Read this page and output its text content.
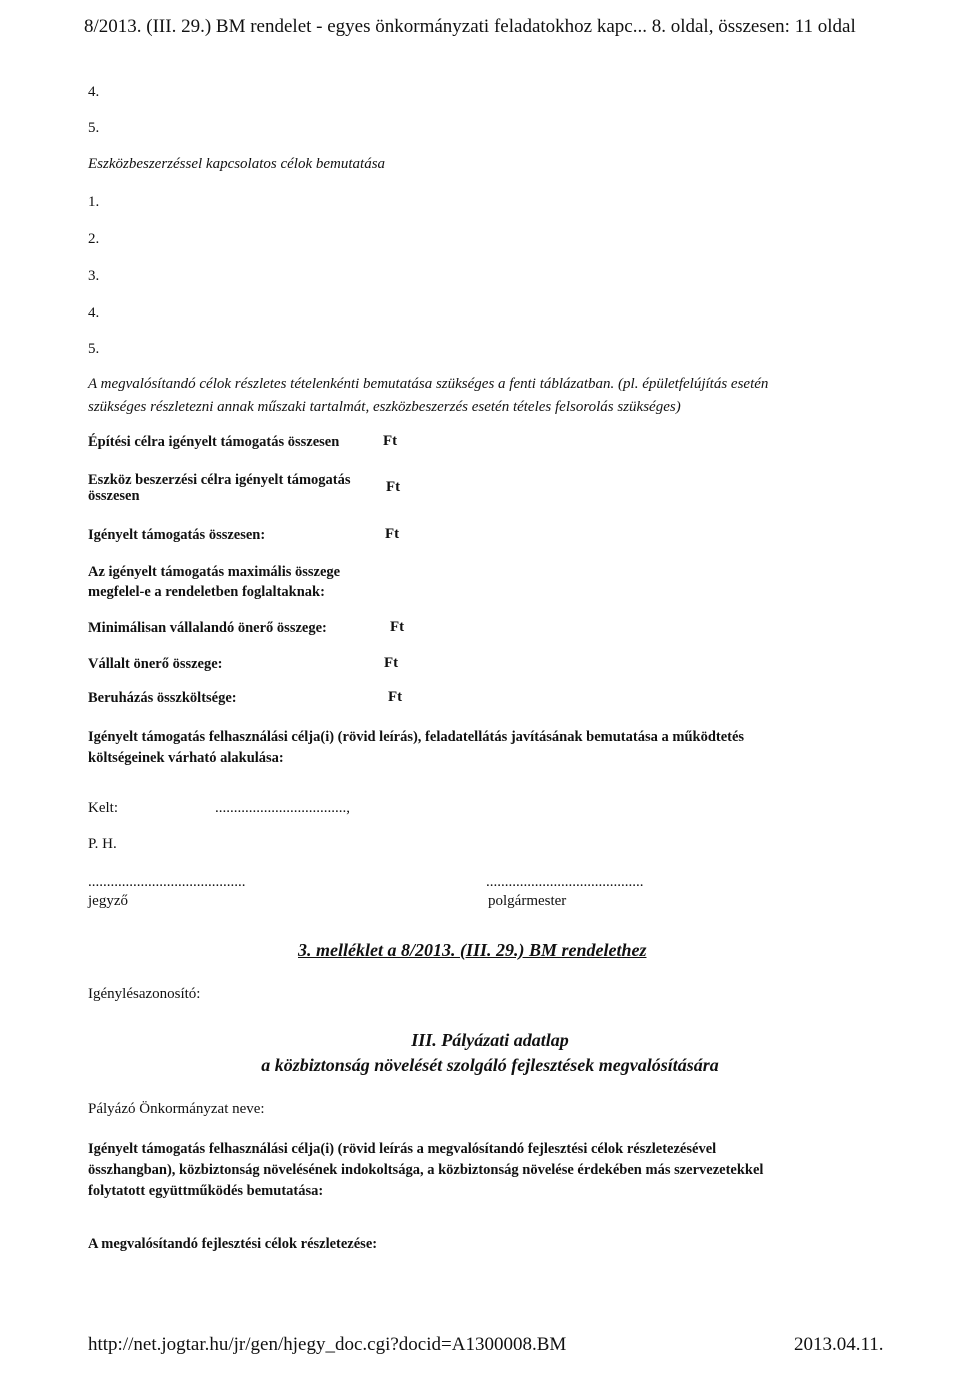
8/2013. (III. 29.) BM rendelet - egyes önkormányzati feladatokhoz kapc... 8. oldal, összesen: 11 oldal
4.
5.
Eszközbeszerzéssel kapcsolatos célok bemutatása
1.
2.
3.
4.
5.
A megvalósítandó célok részletes tételenkénti bemutatása szükséges a fenti táblázatban. (pl. épületfelújítás esetén
szükséges részletezni annak műszaki tartalmát, eszközbeszerzés esetén tételes felsorolás szükséges)
Építési célra igényelt támogatás összesen	Ft
Eszköz beszerzési célra igényelt támogatás Ft
összesen
Igényelt támogatás összesen:	Ft
Az igényelt támogatás maximális összege
megfelel-e a rendeletben foglaltaknak:
Minimálisan vállalandó önerő összege:	Ft
Vállalt önerő összege:	Ft
Beruházás összköltsége:	Ft
Igényelt támogatás felhasználási célja(i) (rövid leírás), feladatellátás javításának bemutatása a működtetés
költségeinek várható alakulása:
Kelt:	...................................,
P. H.
..........................................	..........................................
jegyző	polgármester
3. melléklet a 8/2013. (III. 29.) BM rendelethez
Igénylésazonosító:
III. Pályázati adatlap
a közbiztonság növelését szolgáló fejlesztések megvalósítására
Pályázó Önkormányzat neve:
Igényelt támogatás felhasználási célja(i) (rövid leírás a megvalósítandó fejlesztési célok részletezésével
összhangban), közbiztonság növelésének indokoltsága, a közbiztonság növelése érdekében más szervezetekkel
folytatott együttműködés bemutatása:
A megvalósítandó fejlesztési célok részletezése:
http://net.jogtar.hu/jr/gen/hjegy_doc.cgi?docid=A1300008.BM	2013.04.11.
